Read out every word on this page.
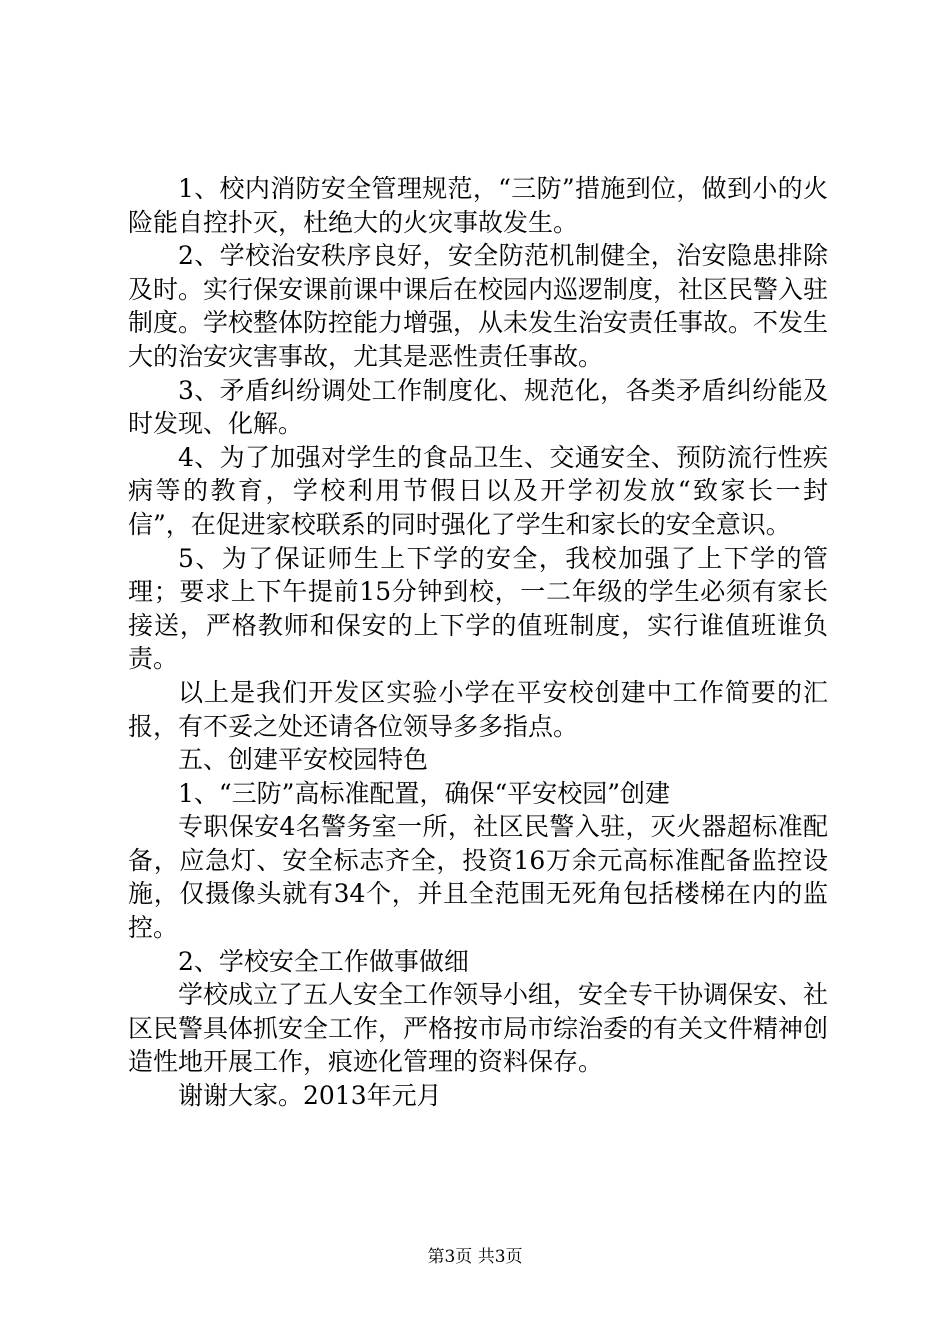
1、校内消防安全管理规范，“三防”措施到位，做到小的火险能自控扑灭，杜绝大的火灾事故发生。

2、学校治安秩序良好，安全防范机制健全，治安隐患排除及时。实行保安课前课中课后在校园内巡逻制度，社区民警入驻制度。学校整体防控能力增强，从未发生治安责任事故。不发生大的治安灾害事故，尤其是恶性责任事故。

3、矛盾纠纷调处工作制度化、规范化，各类矛盾纠纷能及时发现、化解。

4、为了加强对学生的食品卫生、交通安全、预防流行性疾病等的教育，学校利用节假日以及开学初发放“致家长一封信”，在促进家校联系的同时强化了学生和家长的安全意识。

5、为了保证师生上下学的安全，我校加强了上下学的管理；要求上下午提前15分钟到校，一二年级的学生必须有家长接送，严格教师和保安的上下学的值班制度，实行谁值班谁负责。

以上是我们开发区实验小学在平安校创建中工作简要的汇报，有不妥之处还请各位领导多多指点。

五、创建平安校园特色

1、“三防”高标准配置，确保“平安校园”创建

专职保安4名警务室一所，社区民警入驻，灭火器超标准配备，应急灯、安全标志齐全，投资16万余元高标准配备监控设施，仅摄像头就有34个，并且全范围无死角包括楼梯在内的监控。

2、学校安全工作做事做细

学校成立了五人安全工作领导小组，安全专干协调保安、社区民警具体抓安全工作，严格按市局市综治委的有关文件精神创造性地开展工作，痕迹化管理的资料保存。

谢谢大家。2013年元月

第3页 共3页
